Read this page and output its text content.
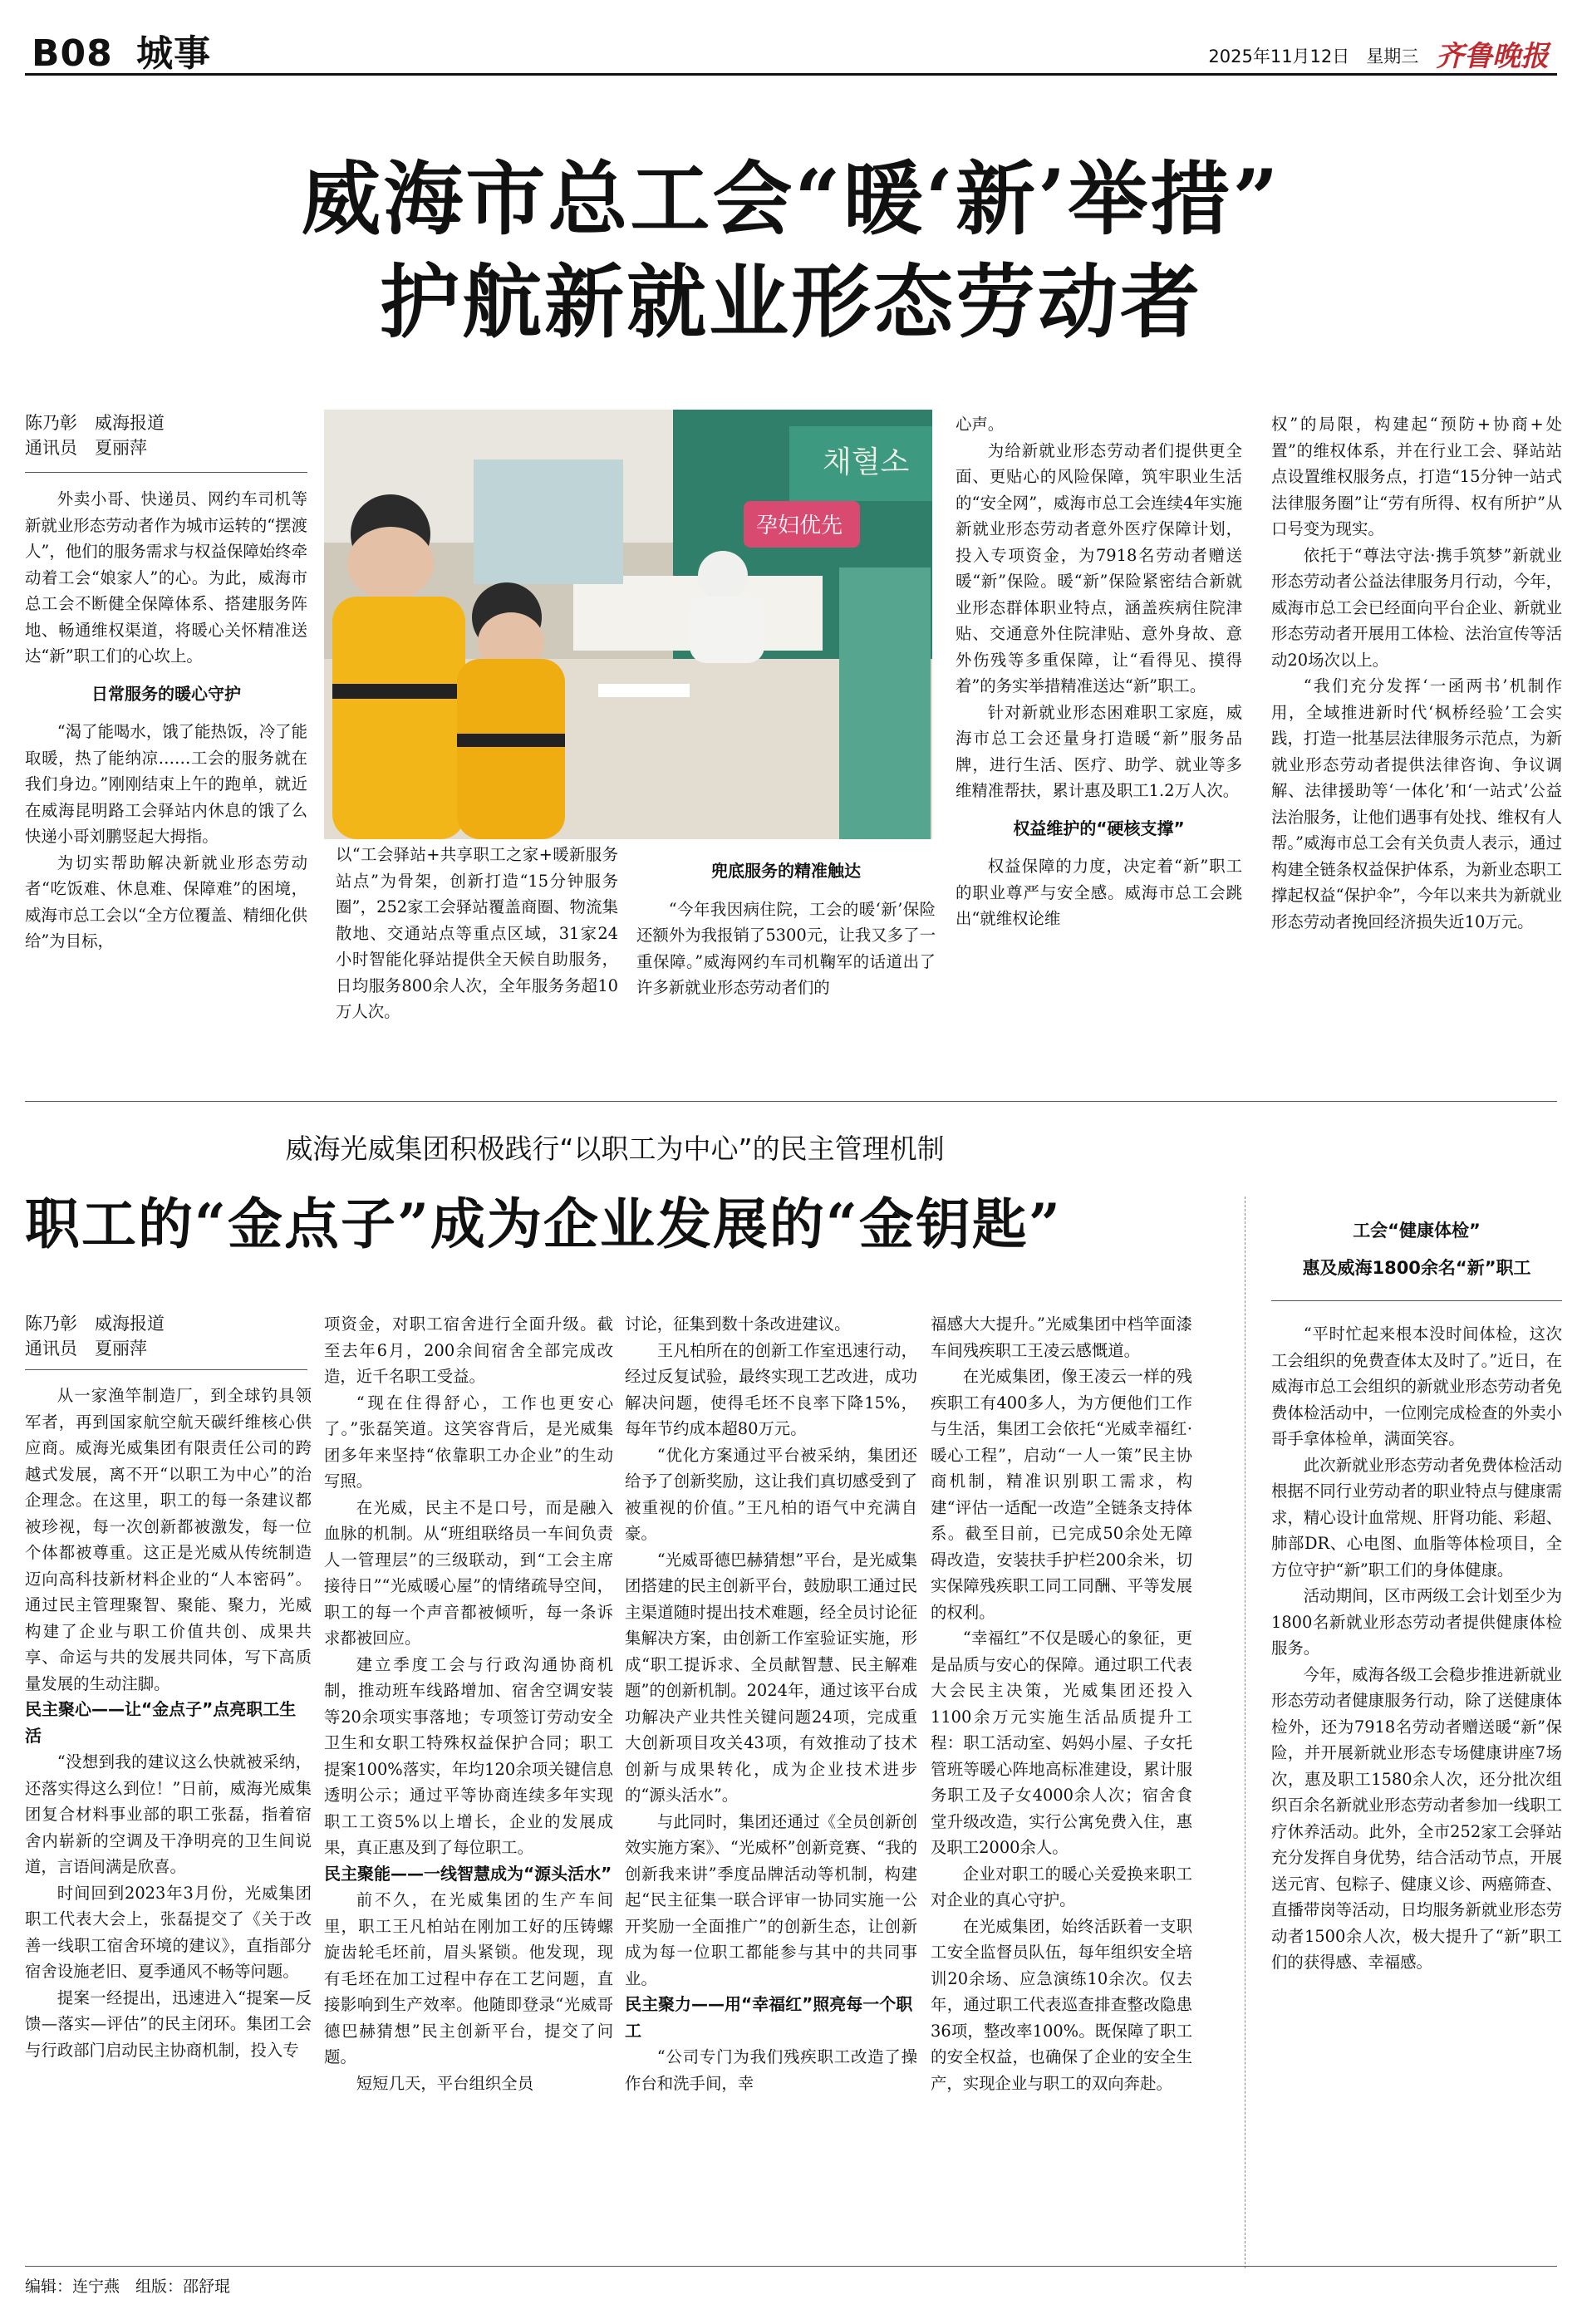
B08 城事	2025年11月12日 星期三 齐鲁晚报
威海市总工会“暖‘新’举措”
护航新就业形态劳动者
陈乃彰　威海报道
通讯员　夏丽萍

外卖小哥、快递员、网约车司机等新就业形态劳动者作为城市运转的“摆渡人”，他们的服务需求与权益保障始终牵动着工会“娘家人”的心。为此，威海市总工会不断健全保障体系、搭建服务阵地、畅通维权渠道，将暖心关怀精准送达“新”职工们的心坎上。

日常服务的暖心守护

“渴了能喝水，饿了能热饭，冷了能取暖，热了能纳凉……工会的服务就在我们身边。”刚刚结束上午的跑单，就近在威海昆明路工会驿站内休息的饿了么快递小哥刘鹏竖起大拇指。

为切实帮助解决新就业形态劳动者“吃饭难、休息难、保障难”的困境，威海市总工会以“全方位覆盖、精细化供给”为目标，

채혈소
孕妇优先

以“工会驿站+共享职工之家+暖新服务站点”为骨架，创新打造“15分钟服务圈”，252家工会驿站覆盖商圈、物流集散地、交通站点等重点区域，31家24小时智能化驿站提供全天候自助服务，日均服务800余人次，全年服务务超10万人次。

兜底服务的精准触达

“今年我因病住院，工会的暖‘新’保险还额外为我报销了5300元，让我又多了一重保障。”威海网约车司机鞠军的话道出了许多新就业形态劳动者们的

心声。

为给新就业形态劳动者们提供更全面、更贴心的风险保障，筑牢职业生活的“安全网”，威海市总工会连续4年实施新就业形态劳动者意外医疗保障计划，投入专项资金，为7918名劳动者赠送暖“新”保险。暖“新”保险紧密结合新就业形态群体职业特点，涵盖疾病住院津贴、交通意外住院津贴、意外身故、意外伤残等多重保障，让“看得见、摸得着”的务实举措精准送达“新”职工。

针对新就业形态困难职工家庭，威海市总工会还量身打造暖“新”服务品牌，进行生活、医疗、助学、就业等多维精准帮扶，累计惠及职工1.2万人次。

权益维护的“硬核支撑”

权益保障的力度，决定着“新”职工的职业尊严与安全感。威海市总工会跳出“就维权论维

权”的局限，构建起“预防+协商+处置”的维权体系，并在行业工会、驿站站点设置维权服务点，打造“15分钟一站式法律服务圈”让“劳有所得、权有所护”从口号变为现实。

依托于“尊法守法·携手筑梦”新就业形态劳动者公益法律服务月行动，今年，威海市总工会已经面向平台企业、新就业形态劳动者开展用工体检、法治宣传等活动20场次以上。

“我们充分发挥‘一函两书’机制作用，全域推进新时代‘枫桥经验’工会实践，打造一批基层法律服务示范点，为新就业形态劳动者提供法律咨询、争议调解、法律援助等‘一体化’和‘一站式’公益法治服务，让他们遇事有处找、维权有人帮。”威海市总工会有关负责人表示，通过构建全链条权益保护体系，为新业态职工撑起权益“保护伞”，今年以来共为新就业形态劳动者挽回经济损失近10万元。

威海光威集团积极践行“以职工为中心”的民主管理机制
职工的“金点子”成为企业发展的“金钥匙”	工会“健康体检”
惠及威海1800余名“新”职工
陈乃彰　威海报道
通讯员　夏丽萍

从一家渔竿制造厂，到全球钓具领军者，再到国家航空航天碳纤维核心供应商。威海光威集团有限责任公司的跨越式发展，离不开“以职工为中心”的治企理念。在这里，职工的每一条建议都被珍视，每一次创新都被激发，每一位个体都被尊重。这正是光威从传统制造迈向高科技新材料企业的“人本密码”。通过民主管理聚智、聚能、聚力，光威构建了企业与职工价值共创、成果共享、命运与共的发展共同体，写下高质量发展的生动注脚。

民主聚心——让“金点子”点亮职工生活

“没想到我的建议这么快就被采纳，还落实得这么到位！”日前，威海光威集团复合材料事业部的职工张磊，指着宿舍内崭新的空调及干净明亮的卫生间说道，言语间满是欣喜。

时间回到2023年3月份，光威集团职工代表大会上，张磊提交了《关于改善一线职工宿舍环境的建议》，直指部分宿舍设施老旧、夏季通风不畅等问题。

提案一经提出，迅速进入“提案—反馈—落实—评估”的民主闭环。集团工会与行政部门启动民主协商机制，投入专

项资金，对职工宿舍进行全面升级。截至去年6月，200余间宿舍全部完成改造，近千名职工受益。

“现在住得舒心，工作也更安心了。”张磊笑道。这笑容背后，是光威集团多年来坚持“依靠职工办企业”的生动写照。

在光威，民主不是口号，而是融入血脉的机制。从“班组联络员一车间负责人一管理层”的三级联动，到“工会主席接待日”“光威暖心屋”的情绪疏导空间，职工的每一个声音都被倾听，每一条诉求都被回应。

建立季度工会与行政沟通协商机制，推动班车线路增加、宿舍空调安装等20余项实事落地；专项签订劳动安全卫生和女职工特殊权益保护合同；职工提案100%落实，年均120余项关键信息透明公示；通过平等协商连续多年实现职工工资5%以上增长，企业的发展成果，真正惠及到了每位职工。

民主聚能——一线智慧成为“源头活水”

前不久，在光威集团的生产车间里，职工王凡柏站在刚加工好的压铸螺旋齿轮毛坯前，眉头紧锁。他发现，现有毛坯在加工过程中存在工艺问题，直接影响到生产效率。他随即登录“光威哥德巴赫猜想”民主创新平台，提交了问题。

短短几天，平台组织全员

讨论，征集到数十条改进建议。

王凡柏所在的创新工作室迅速行动，经过反复试验，最终实现工艺改进，成功解决问题，使得毛坯不良率下降15%，每年节约成本超80万元。

“优化方案通过平台被采纳，集团还给予了创新奖励，这让我们真切感受到了被重视的价值。”王凡柏的语气中充满自豪。

“光威哥德巴赫猜想”平台，是光威集团搭建的民主创新平台，鼓励职工通过民主渠道随时提出技术难题，经全员讨论征集解决方案，由创新工作室验证实施，形成“职工提诉求、全员献智慧、民主解难题”的创新机制。2024年，通过该平台成功解决产业共性关键问题24项，完成重大创新项目攻关43项，有效推动了技术创新与成果转化，成为企业技术进步的“源头活水”。

与此同时，集团还通过《全员创新创效实施方案》、“光威杯”创新竞赛、“我的创新我来讲”季度品牌活动等机制，构建起“民主征集一联合评审一协同实施一公开奖励一全面推广”的创新生态，让创新成为每一位职工都能参与其中的共同事业。

民主聚力——用“幸福红”照亮每一个职工

“公司专门为我们残疾职工改造了操作台和洗手间，幸

福感大大提升。”光威集团中档竿面漆车间残疾职工王凌云感慨道。

在光威集团，像王凌云一样的残疾职工有400多人，为方便他们工作与生活，集团工会依托“光威幸福红·暖心工程”，启动“一人一策”民主协商机制，精准识别职工需求，构建“评估一适配一改造”全链条支持体系。截至目前，已完成50余处无障碍改造，安装扶手护栏200余米，切实保障残疾职工同工同酬、平等发展的权利。

“幸福红”不仅是暖心的象征，更是品质与安心的保障。通过职工代表大会民主决策，光威集团还投入1100余万元实施生活品质提升工程：职工活动室、妈妈小屋、子女托管班等暖心阵地高标准建设，累计服务职工及子女4000余人次；宿舍食堂升级改造，实行公寓免费入住，惠及职工2000余人。

企业对职工的暖心关爱换来职工对企业的真心守护。

在光威集团，始终活跃着一支职工安全监督员队伍，每年组织安全培训20余场、应急演练10余次。仅去年，通过职工代表巡查排查整改隐患36项，整改率100%。既保障了职工的安全权益，也确保了企业的安全生产，实现企业与职工的双向奔赴。

“平时忙起来根本没时间体检，这次工会组织的免费查体太及时了。”近日，在威海市总工会组织的新就业形态劳动者免费体检活动中，一位刚完成检查的外卖小哥手拿体检单，满面笑容。

此次新就业形态劳动者免费体检活动根据不同行业劳动者的职业特点与健康需求，精心设计血常规、肝肾功能、彩超、肺部DR、心电图、血脂等体检项目，全方位守护“新”职工们的身体健康。

活动期间，区市两级工会计划至少为1800名新就业形态劳动者提供健康体检服务。

今年，威海各级工会稳步推进新就业形态劳动者健康服务行动，除了送健康体检外，还为7918名劳动者赠送暖“新”保险，并开展新就业形态专场健康讲座7场次，惠及职工1580余人次，还分批次组织百余名新就业形态劳动者参加一线职工疗休养活动。此外，全市252家工会驿站充分发挥自身优势，结合活动节点，开展送元宵、包粽子、健康义诊、两癌筛查、直播带岗等活动，日均服务新就业形态劳动者1500余人次，极大提升了“新”职工们的获得感、幸福感。

编辑：连宁燕　组版：邵舒琨
